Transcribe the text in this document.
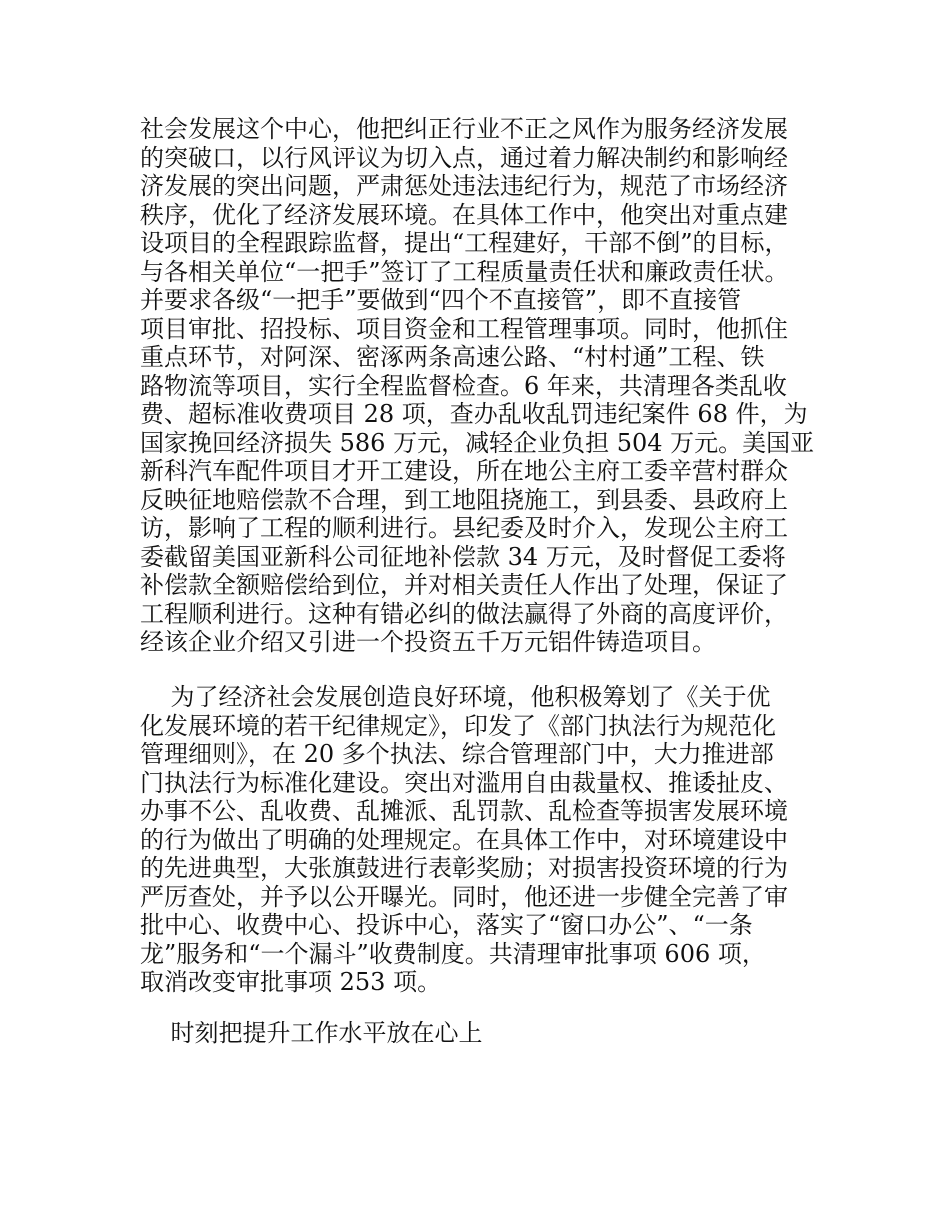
社会发展这个中心，他把纠正行业不正之风作为服务经济发展
的突破口，以行风评议为切入点，通过着力解决制约和影响经
济发展的突出问题，严肃惩处违法违纪行为，规范了市场经济
秩序，优化了经济发展环境。在具体工作中，他突出对重点建
设项目的全程跟踪监督，提出“工程建好，干部不倒”的目标，
与各相关单位“一把手”签订了工程质量责任状和廉政责任状。
并要求各级“一把手”要做到“四个不直接管”，即不直接管
项目审批、招投标、项目资金和工程管理事项。同时，他抓住
重点环节，对阿深、密涿两条高速公路、“村村通”工程、铁
路物流等项目，实行全程监督检查。6 年来，共清理各类乱收
费、超标准收费项目 28 项，查办乱收乱罚违纪案件 68 件，为
国家挽回经济损失 586 万元，减轻企业负担 504 万元。美国亚
新科汽车配件项目才开工建设，所在地公主府工委辛营村群众
反映征地赔偿款不合理，到工地阻挠施工，到县委、县政府上
访，影响了工程的顺利进行。县纪委及时介入，发现公主府工
委截留美国亚新科公司征地补偿款 34 万元，及时督促工委将
补偿款全额赔偿给到位，并对相关责任人作出了处理，保证了
工程顺利进行。这种有错必纠的做法赢得了外商的高度评价，
经该企业介绍又引进一个投资五千万元铝件铸造项目。
为了经济社会发展创造良好环境，他积极筹划了《关于优
化发展环境的若干纪律规定》，印发了《部门执法行为规范化
管理细则》，在 20 多个执法、综合管理部门中，大力推进部
门执法行为标准化建设。突出对滥用自由裁量权、推诿扯皮、
办事不公、乱收费、乱摊派、乱罚款、乱检查等损害发展环境
的行为做出了明确的处理规定。在具体工作中，对环境建设中
的先进典型，大张旗鼓进行表彰奖励；对损害投资环境的行为
严厉查处，并予以公开曝光。同时，他还进一步健全完善了审
批中心、收费中心、投诉中心，落实了“窗口办公”、“一条
龙”服务和“一个漏斗”收费制度。共清理审批事项 606 项，
取消改变审批事项 253 项。
时刻把提升工作水平放在心上
